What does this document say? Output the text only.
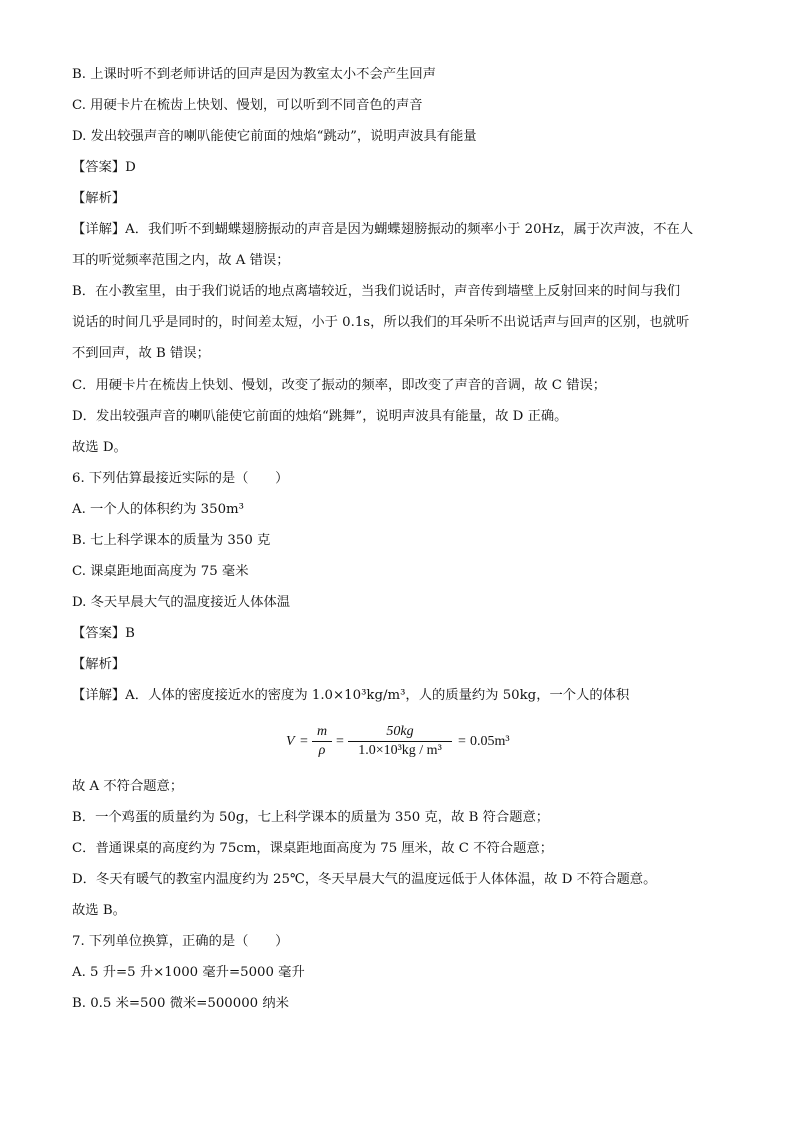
B. 上课时听不到老师讲话的回声是因为教室太小不会产生回声
C. 用硬卡片在梳齿上快划、慢划，可以听到不同音色的声音
D. 发出较强声音的喇叭能使它前面的烛焰“跳动”，说明声波具有能量
【答案】D
【解析】
【详解】A．我们听不到蝴蝶翅膀振动的声音是因为蝴蝶翅膀振动的频率小于 20Hz，属于次声波，不在人
耳的听觉频率范围之内，故 A 错误；
B．在小教室里，由于我们说话的地点离墙较近，当我们说话时，声音传到墙壁上反射回来的时间与我们
说话的时间几乎是同时的，时间差太短，小于 0.1s，所以我们的耳朵听不出说话声与回声的区别，也就听
不到回声，故 B 错误；
C．用硬卡片在梳齿上快划、慢划，改变了振动的频率，即改变了声音的音调，故 C 错误；
D．发出较强声音的喇叭能使它前面的烛焰“跳舞”，说明声波具有能量，故 D 正确。
故选 D。
6. 下列估算最接近实际的是（　　）
A. 一个人的体积约为 350m³
B. 七上科学课本的质量为 350 克
C. 课桌距地面高度为 75 毫米
D. 冬天早晨大气的温度接近人体体温
【答案】B
【解析】
【详解】A．人体的密度接近水的密度为 1.0×10³kg/m³，人的质量约为 50kg，一个人的体积
故 A 不符合题意；
B．一个鸡蛋的质量约为 50g，七上科学课本的质量为 350 克，故 B 符合题意；
C．普通课桌的高度约为 75cm，课桌距地面高度为 75 厘米，故 C 不符合题意；
D．冬天有暖气的教室内温度约为 25℃，冬天早晨大气的温度远低于人体体温，故 D 不符合题意。
故选 B。
7. 下列单位换算，正确的是（　　）
A. 5 升=5 升×1000 毫升=5000 毫升
B. 0.5 米=500 微米=500000 纳米
V =
m
ρ
=
50kg
1.0×10³kg / m³
= 0.05m³
